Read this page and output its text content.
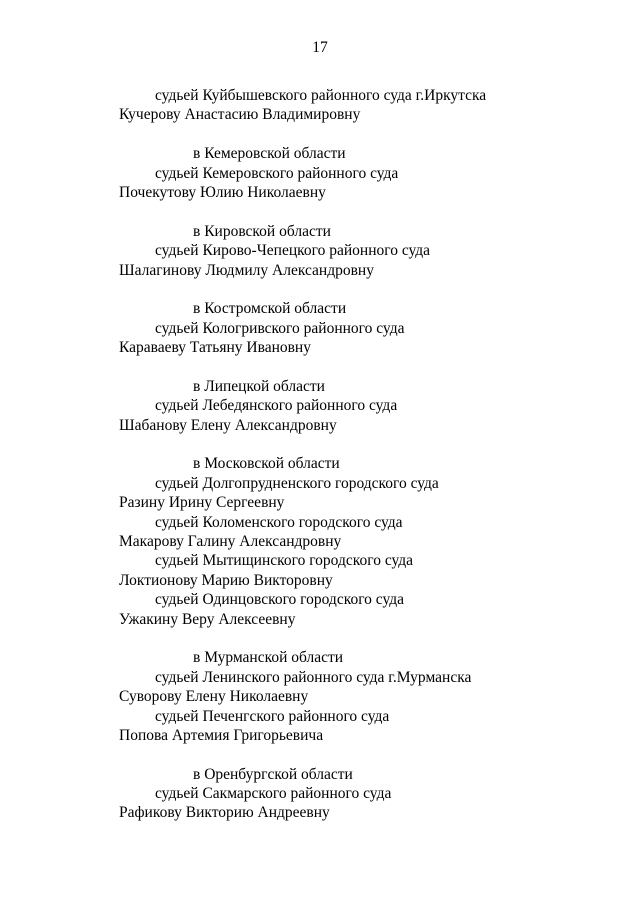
17
судьей Куйбышевского районного суда г.Иркутска
Кучерову Анастасию Владимировну
в Кемеровской области
судьей Кемеровского районного суда
Почекутову Юлию Николаевну
в Кировской области
судьей Кирово-Чепецкого районного суда
Шалагинову Людмилу Александровну
в Костромской области
судьей Кологривского районного суда
Караваеву Татьяну Ивановну
в Липецкой области
судьей Лебедянского районного суда
Шабанову Елену Александровну
в Московской области
судьей Долгопрудненского городского суда
Разину Ирину Сергеевну
судьей Коломенского городского суда
Макарову Галину Александровну
судьей Мытищинского городского суда
Локтионову Марию Викторовну
судьей Одинцовского городского суда
Ужакину Веру Алексеевну
в Мурманской области
судьей Ленинского районного суда г.Мурманска
Суворову Елену Николаевну
судьей Печенгского районного суда
Попова Артемия Григорьевича
в Оренбургской области
судьей Сакмарского районного суда
Рафикову Викторию Андреевну
